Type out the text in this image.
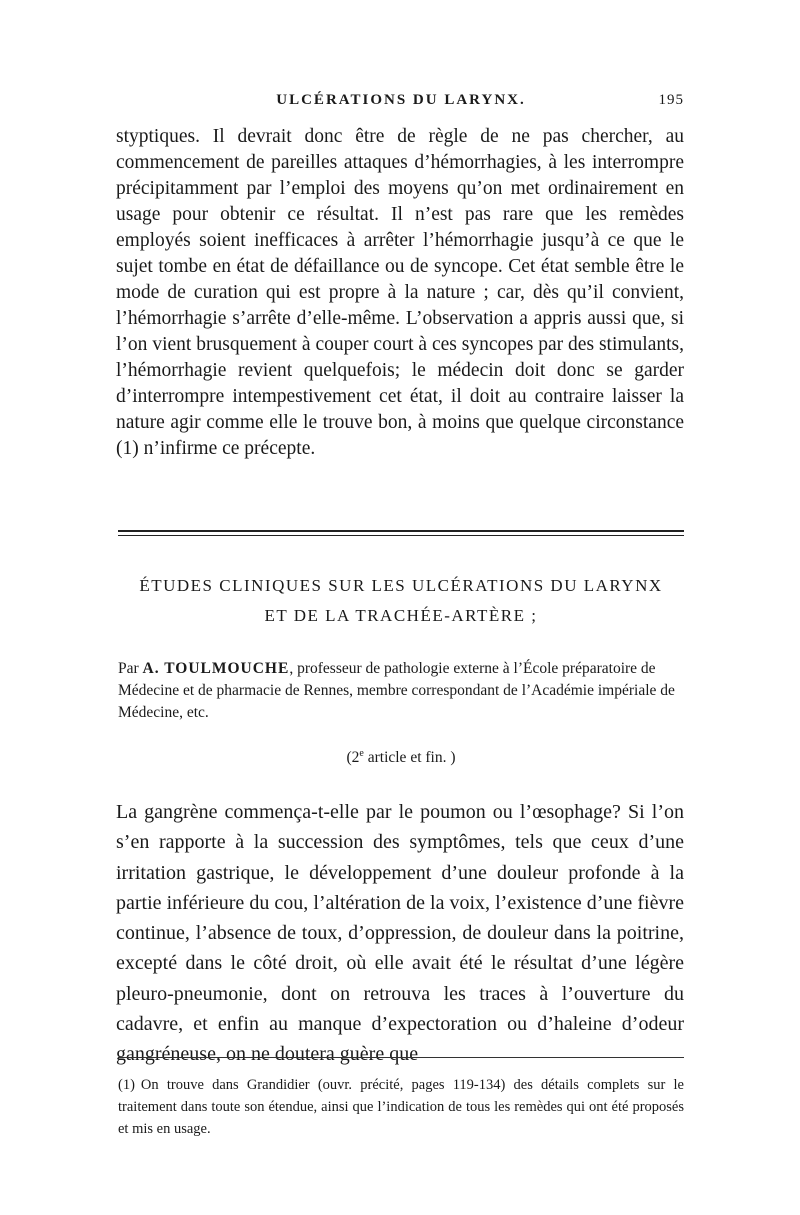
ULCÉRATIONS DU LARYNX.	195

styptiques. Il devrait donc être de règle de ne pas chercher, au commencement de pareilles attaques d’hémorrhagies, à les interrompre précipitamment par l’emploi des moyens qu’on met ordinairement en usage pour obtenir ce résultat. Il n’est pas rare que les remèdes employés soient inefficaces à arrêter l’hémorrhagie jusqu’à ce que le sujet tombe en état de défaillance ou de syncope. Cet état semble être le mode de curation qui est propre à la nature ; car, dès qu’il convient, l’hémorrhagie s’arrête d’elle-même. L’observation a appris aussi que, si l’on vient brusquement à couper court à ces syncopes par des stimulants, l’hémorrhagie revient quelquefois; le médecin doit donc se garder d’interrompre intempestivement cet état, il doit au contraire laisser la nature agir comme elle le trouve bon, à moins que quelque circonstance (1) n’infirme ce précepte.

ÉTUDES CLINIQUES SUR LES ULCÉRATIONS DU LARYNX
ET DE LA TRACHÉE-ARTÈRE ;
Par A. TOULMOUCHE, professeur de pathologie externe à l’École préparatoire de Médecine et de pharmacie de Rennes, membre correspondant de l’Académie impériale de Médecine, etc.
(2e article et fin. )
La gangrène commença-t-elle par le poumon ou l’œsophage? Si l’on s’en rapporte à la succession des symptômes, tels que ceux d’une irritation gastrique, le développement d’une douleur profonde à la partie inférieure du cou, l’altération de la voix, l’existence d’une fièvre continue, l’absence de toux, d’oppression, de douleur dans la poitrine, excepté dans le côté droit, où elle avait été le résultat d’une légère pleuro-pneumonie, dont on retrouva les traces à l’ouverture du cadavre, et enfin au manque d’expectoration ou d’haleine d’odeur gangréneuse, on ne doutera guère que

(1) On trouve dans Grandidier (ouvr. précité, pages 119-134) des détails complets sur le traitement dans toute son étendue, ainsi que l’indication de tous les remèdes qui ont été proposés et mis en usage.
